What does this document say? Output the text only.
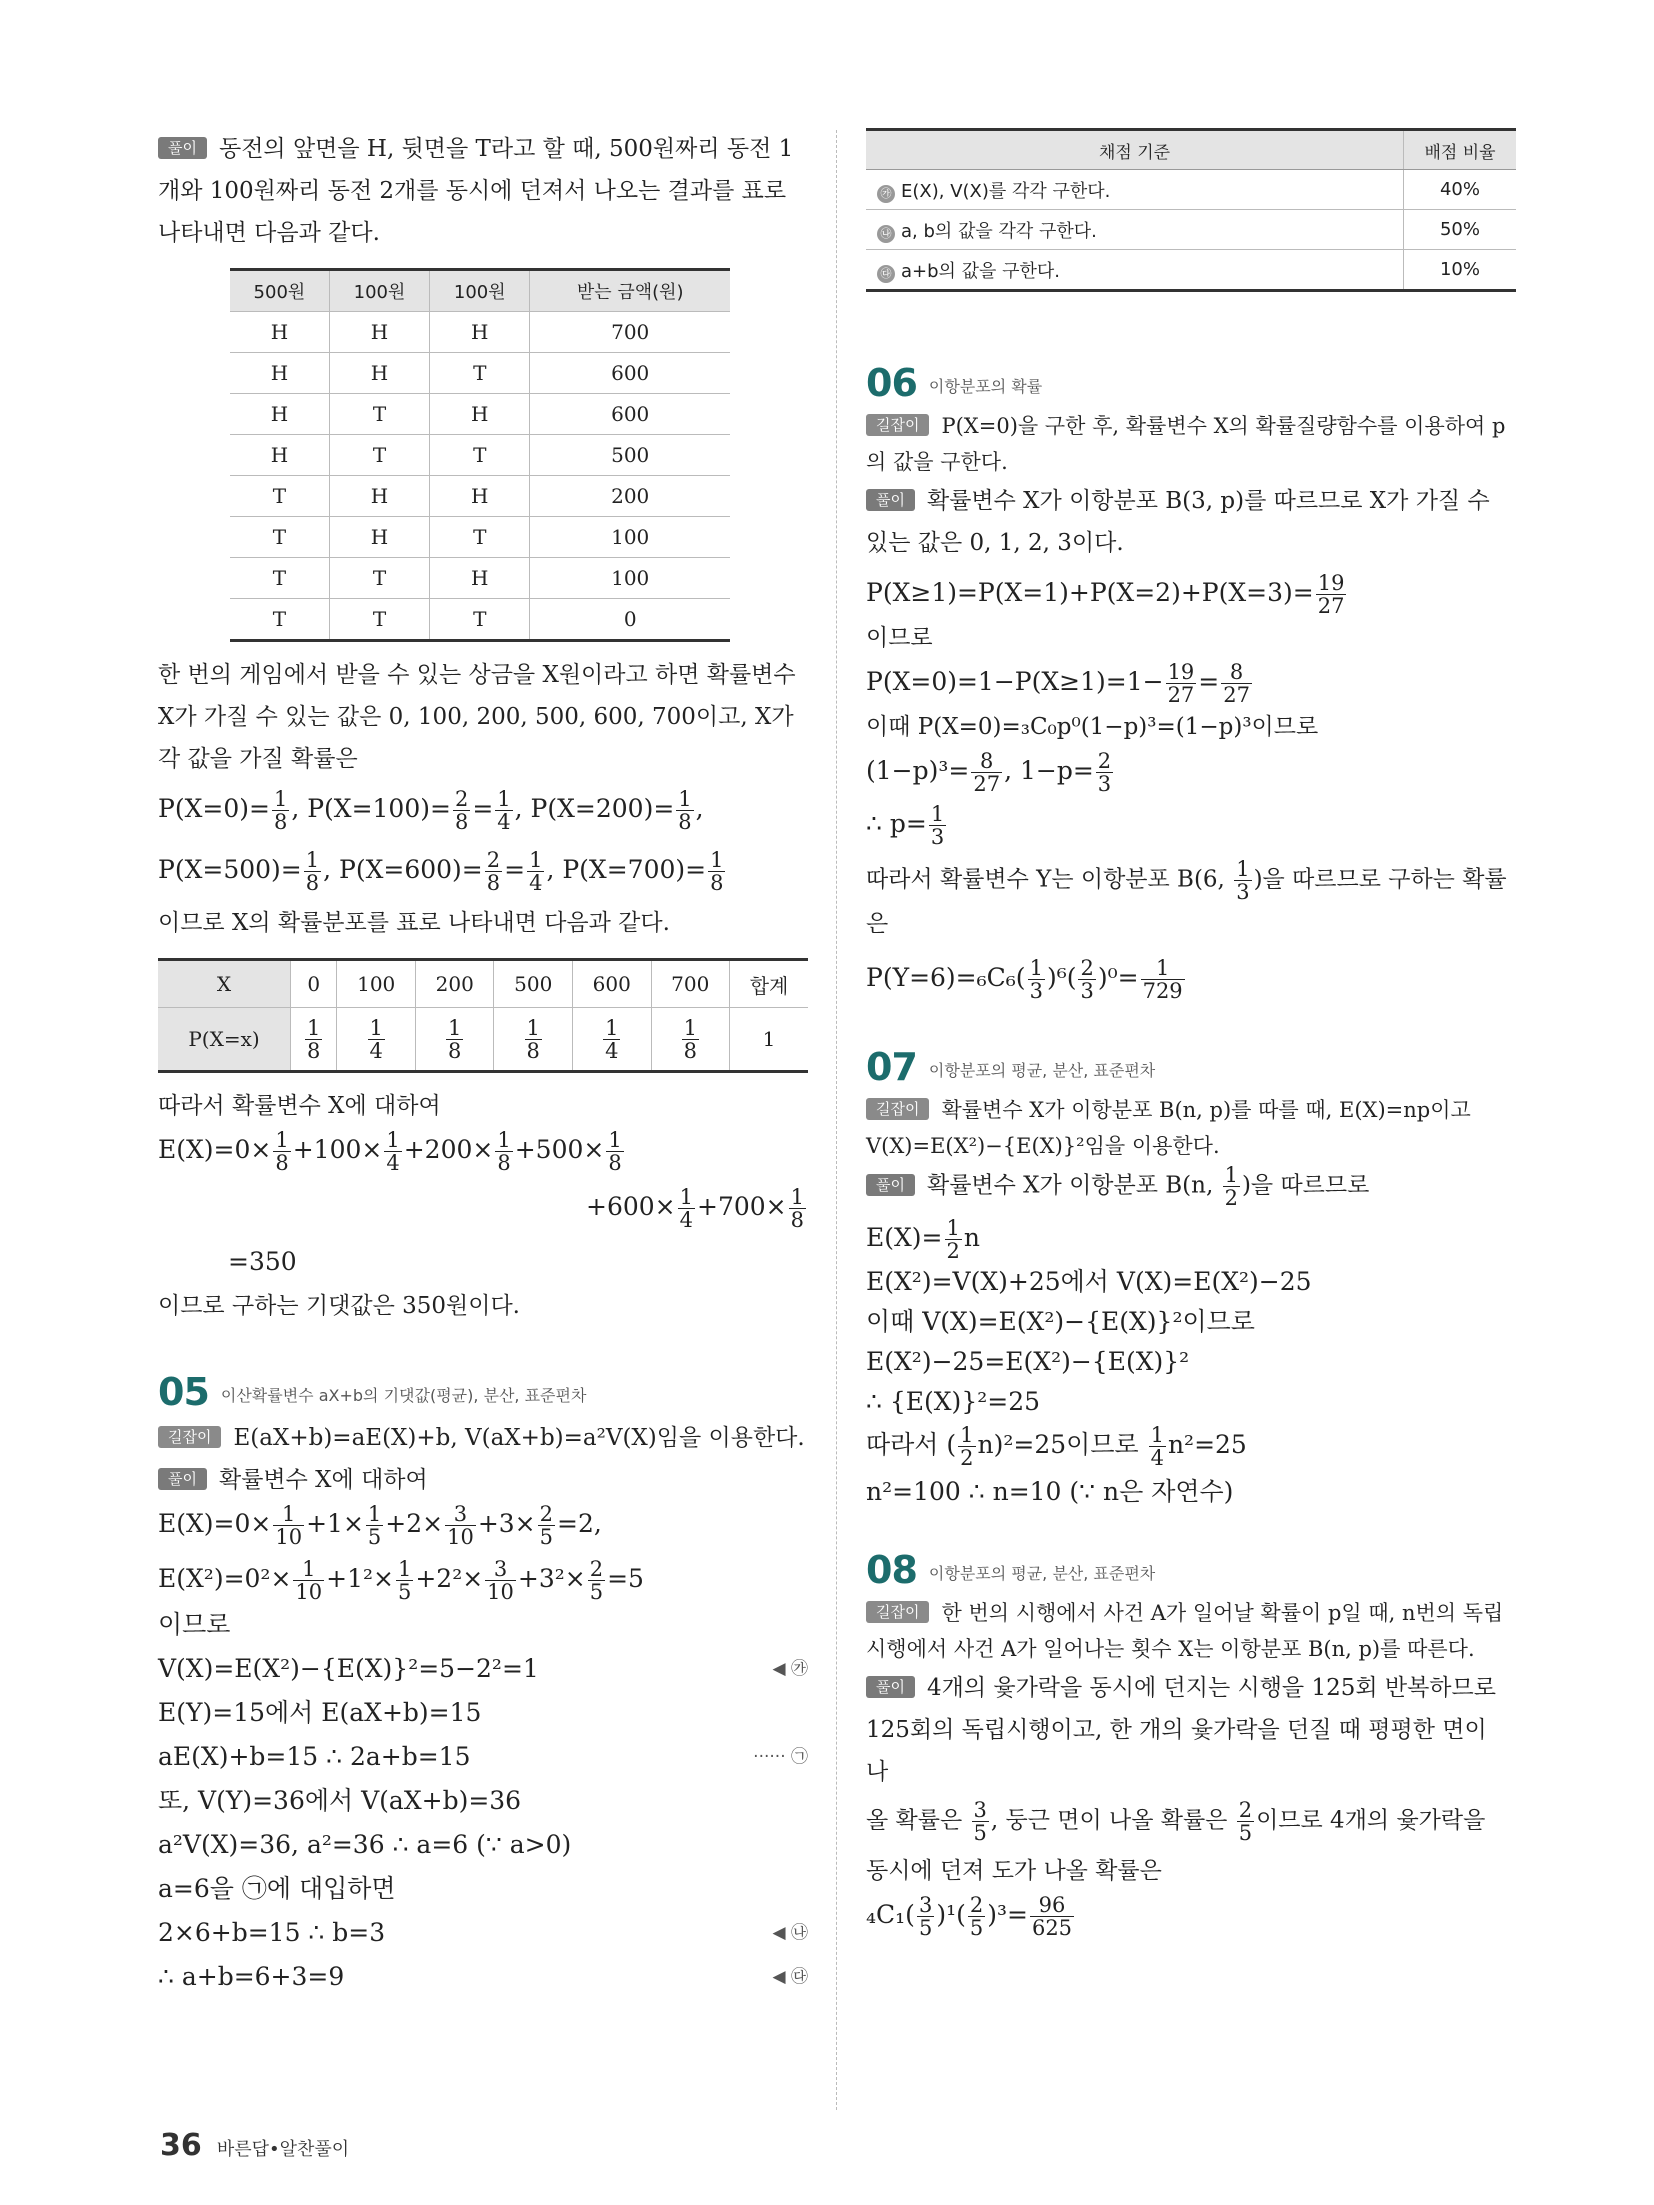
풀이 동전의 앞면을 H, 뒷면을 T라고 할 때, 500원짜리 동전 1개와 100원짜리 동전 2개를 동시에 던져서 나오는 결과를 표로 나타내면 다음과 같다.

500원	100원	100원	받는 금액(원)
H	H	H	700
H	H	T	600
H	T	H	600
H	T	T	500
T	H	H	200
T	H	T	100
T	T	H	100
T	T	T	0

한 번의 게임에서 받을 수 있는 상금을 X원이라고 하면 확률변수 X가 가질 수 있는 값은 0, 100, 200, 500, 600, 700이고, X가 각 값을 가질 확률은

$P(X=0)= \frac{1}{8}$ , $P(X=100)= \frac{2}{8} = \frac{1}{4}$ , $P(X=200)= \frac{1}{8}$ ,

$P(X=500)= \frac{1}{8}$ , $P(X=600)= \frac{2}{8} = \frac{1}{4}$ , $P(X=700)= \frac{1}{8}$

이므로 X의 확률분포를 표로 나타내면 다음과 같다.

X	0	100	200	500	600	700	합계
P(X=x)	$\frac{1}{8}$	$\frac{1}{4}$	$\frac{1}{8}$	$\frac{1}{8}$	$\frac{1}{4}$	$\frac{1}{8}$	1

따라서 확률변수 X에 대하여

$E(X)=0\times \frac{1}{8} +100\times \frac{1}{4} +200\times \frac{1}{8} +500\times \frac{1}{8}$

$+600\times \frac{1}{4} +700\times \frac{1}{8}$

=350

이므로 구하는 기댓값은 350원이다.

05 이산확률변수 aX+b의 기댓값(평균), 분산, 표준편차

길잡이 E(aX+b)=aE(X)+b, V(aX+b)=a²V(X)임을 이용한다.

풀이 확률변수 X에 대하여

$E(X)=0\times \frac{1}{10} +1\times \frac{1}{5} +2\times \frac{3}{10} +3\times \frac{2}{5} =2$,

$E(X^2)=0^2\times \frac{1}{10} +1^2\times \frac{1}{5} +2^2\times \frac{3}{10} +3^2\times \frac{2}{5} =5$

이므로

V(X)=E(X²)−{E(X)}²=5−2²=1	◀ ㉮

E(Y)=15에서 E(aX+b)=15

aE(X)+b=15 ∴ 2a+b=15	······ ㉠

또, V(Y)=36에서 V(aX+b)=36

a²V(X)=36, a²=36 ∴ a=6 (∵ a>0)

a=6을 ㉠에 대입하면

2×6+b=15 ∴ b=3	◀ ㉯

∴ a+b=6+3=9	◀ ㉰

채점 기준	배점 비율
㉮ E(X), V(X)를 각각 구한다.	40%
㉯ a, b의 값을 각각 구한다.	50%
㉰ a+b의 값을 구한다.	10%
06 이항분포의 확률

길잡이 P(X=0)을 구한 후, 확률변수 X의 확률질량함수를 이용하여 p의 값을 구한다.

풀이 확률변수 X가 이항분포 B(3, p)를 따르므로 X가 가질 수 있는 값은 0, 1, 2, 3이다.

$P(X\ge 1)=P(X=1)+P(X=2)+P(X=3)= \frac{19}{27}$

이므로

$P(X=0)=1-P(X\ge 1)=1- \frac{19}{27} = \frac{8}{27}$

이때 P(X=0)=₃C₀p⁰(1−p)³=(1−p)³이므로

$(1-p)^3= \frac{8}{27}$ , $1-p= \frac{2}{3}$

∴ $p= \frac{1}{3}$

따라서 확률변수 Y는 이항분포 B(6, $\frac{1}{3}$ )을 따르므로 구하는 확률은

$P(Y=6)=_6C_6( \frac{1}{3} )^6( \frac{2}{3} )^0= \frac{1}{729}$

07 이항분포의 평균, 분산, 표준편차

길잡이 확률변수 X가 이항분포 B(n, p)를 따를 때, E(X)=np이고 V(X)=E(X²)−{E(X)}²임을 이용한다.

풀이 확률변수 X가 이항분포 B(n, $\frac{1}{2}$ )을 따르므로

$E(X)= \frac{1}{2}$ n

E(X²)=V(X)+25에서 V(X)=E(X²)−25

이때 V(X)=E(X²)−{E(X)}²이므로

E(X²)−25=E(X²)−{E(X)}²

∴ {E(X)}²=25

따라서 ( $\frac{1}{2} n)^2=25$이므로 $\frac{1}{4} n^2=25$

n²=100 ∴ n=10 (∵ n은 자연수)

08 이항분포의 평균, 분산, 표준편차

길잡이 한 번의 시행에서 사건 A가 일어날 확률이 p일 때, n번의 독립시행에서 사건 A가 일어나는 횟수 X는 이항분포 B(n, p)를 따른다.

풀이 4개의 윷가락을 동시에 던지는 시행을 125회 반복하므로 125회의 독립시행이고, 한 개의 윷가락을 던질 때 평평한 면이 나

올 확률은 $\frac{3}{5}$ , 둥근 면이 나올 확률은 $\frac{2}{5}$ 이므로 4개의 윷가락을

동시에 던져 도가 나올 확률은

$_4C_1( \frac{3}{5} )^1( \frac{2}{5} )^3= \frac{96}{625}$

36 바른답•알찬풀이
